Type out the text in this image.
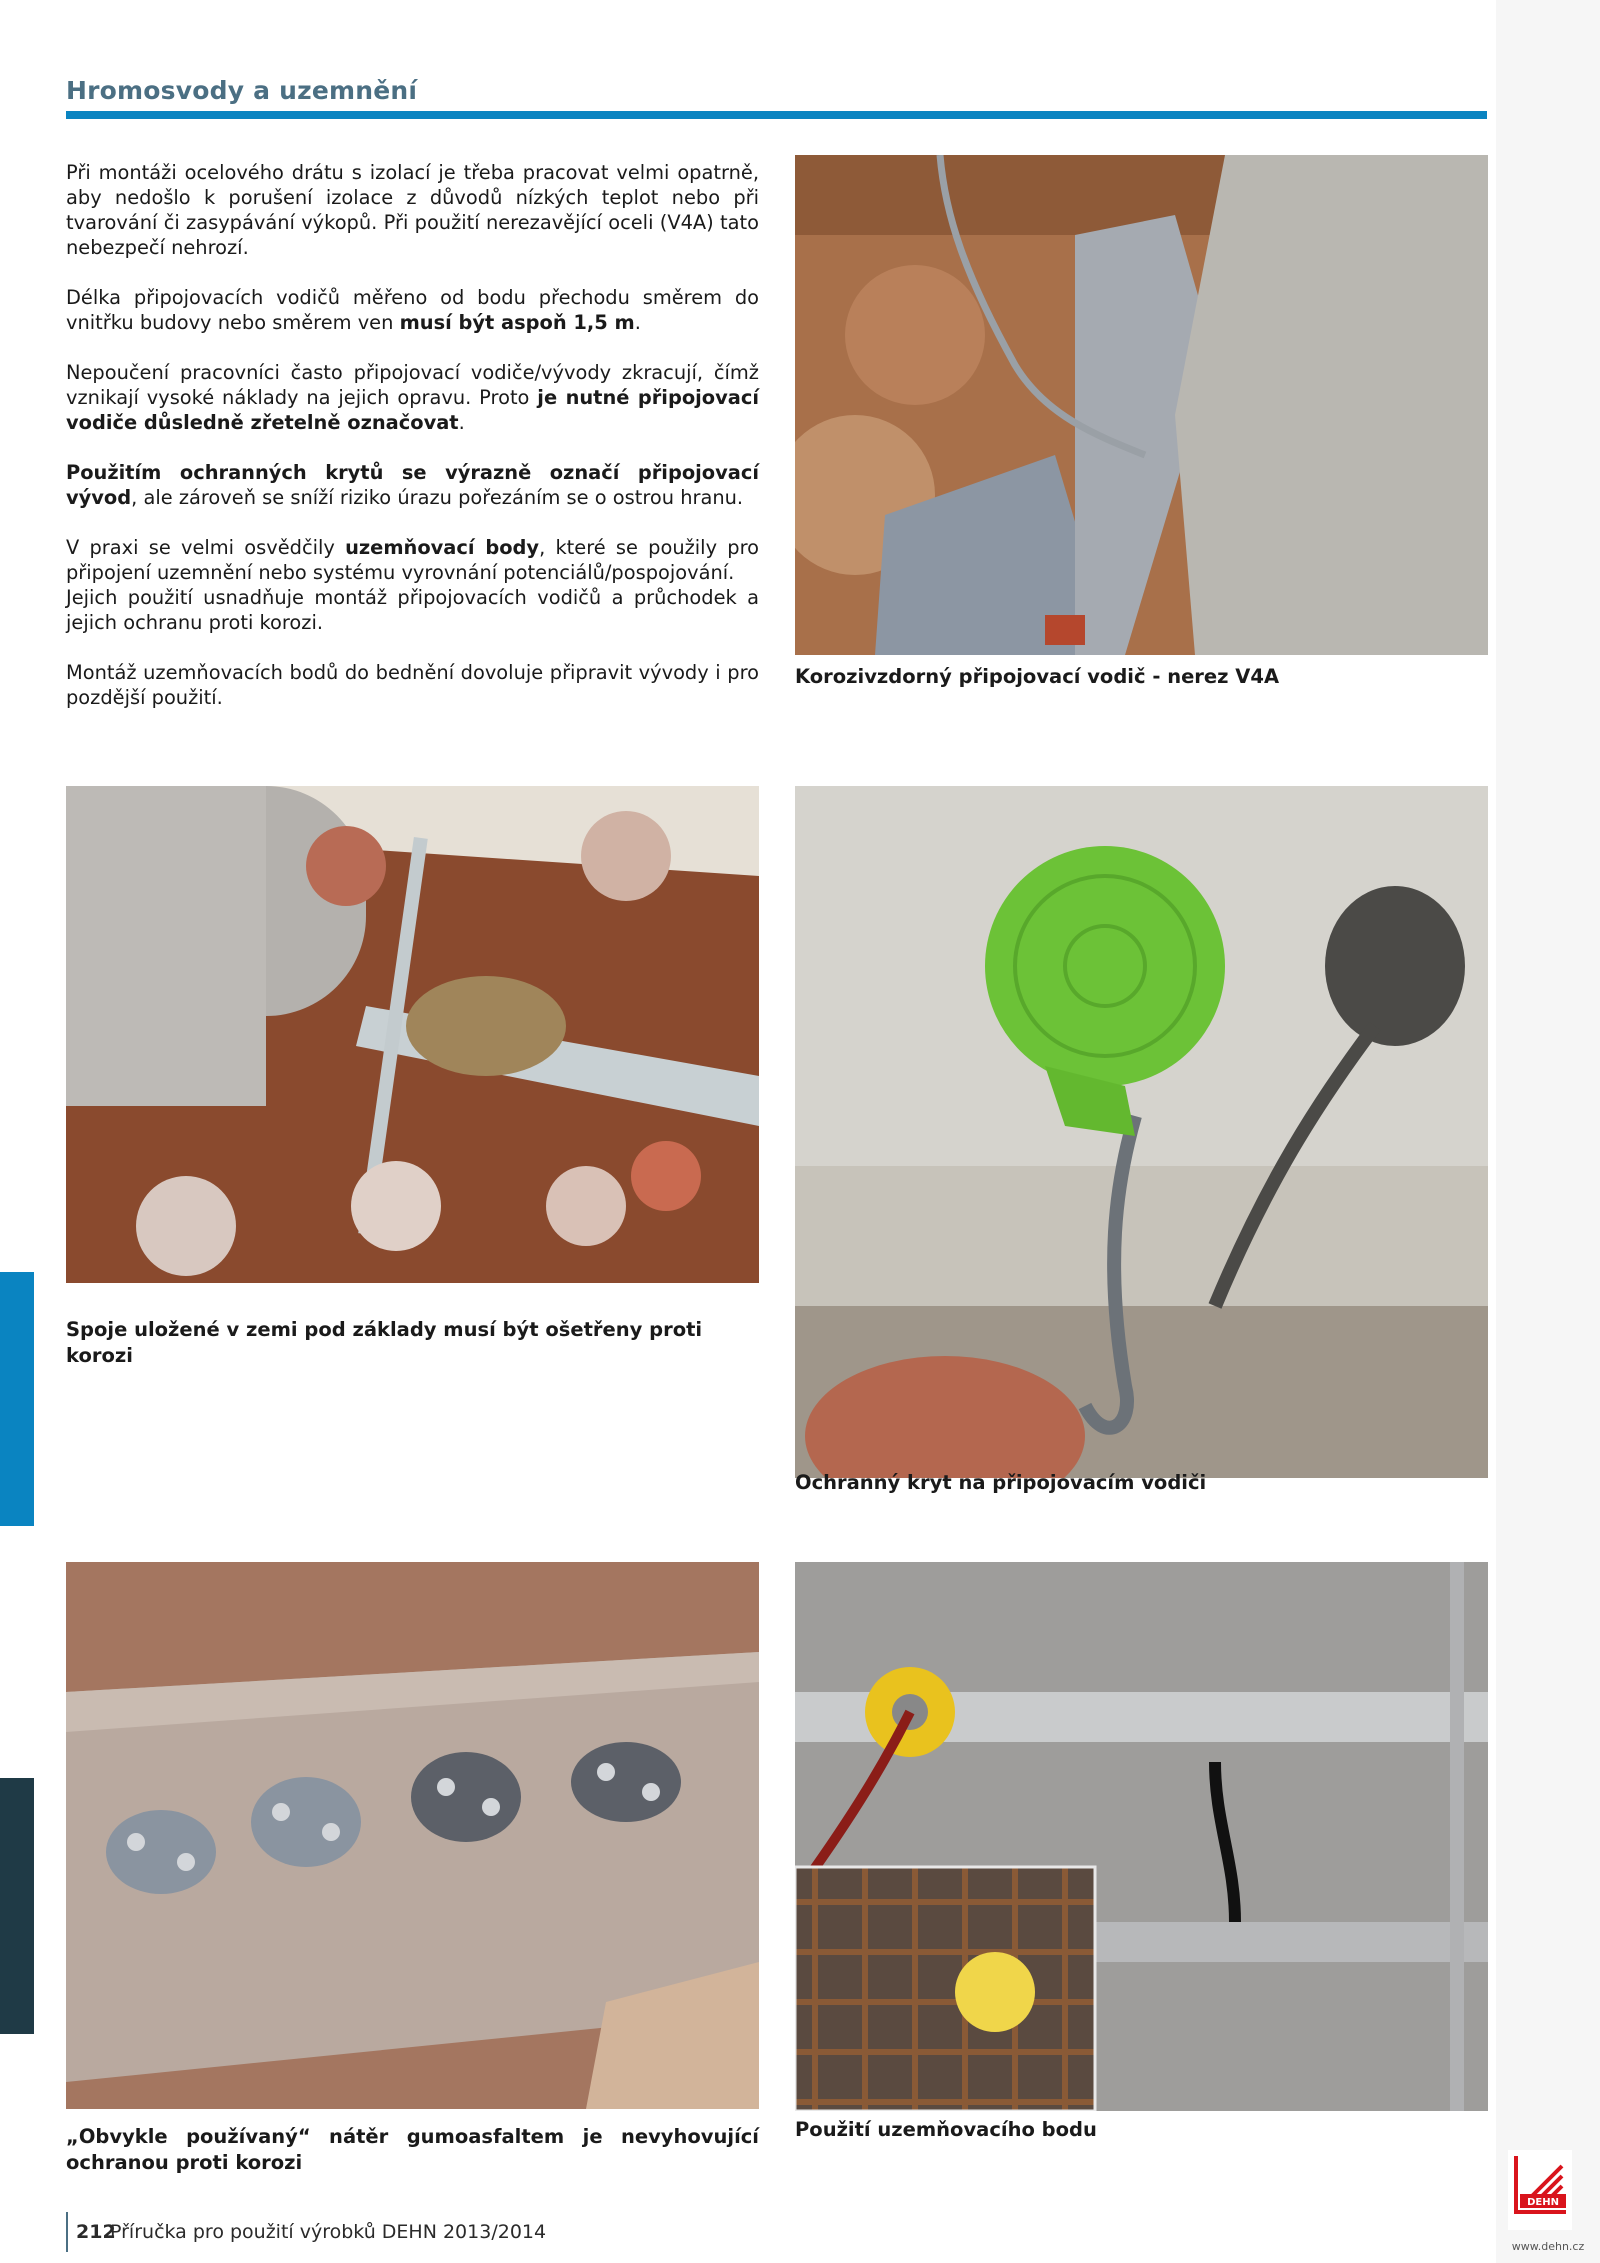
Hromosvody a uzemnění

Při montáži ocelového drátu s izolací je třeba pracovat velmi opatrně, aby nedošlo k porušení izolace z důvodů nízkých teplot nebo při tvarování či zasypávání výkopů. Při použití nerezavějící oceli (V4A) tato nebezpečí nehrozí.

Délka připojovacích vodičů měřeno od bodu přechodu směrem do vnitřku budovy nebo směrem ven musí být aspoň 1,5 m.

Nepoučení pracovníci často připojovací vodiče/vývody zkracují, čímž vznikají vysoké náklady na jejich opravu. Proto je nutné připojovací vodiče důsledně zřetelně označovat.

Použitím ochranných krytů se výrazně označí připojovací vývod, ale zároveň se sníží riziko úrazu pořezáním se o ostrou hranu.

V praxi se velmi osvědčily uzemňovací body, které se použily pro připojení uzemnění nebo systému vyrovnání potenciálů/pospojování.

Jejich použití usnadňuje montáž připojovacích vodičů a průchodek a jejich ochranu proti korozi.

Montáž uzemňovacích bodů do bednění dovoluje připravit vývody i pro pozdější použití.

Korozivzdorný připojovací vodič - nerez V4A
Spoje uložené v zemi pod základy musí být ošetřeny proti korozi
Ochranný kryt na připojovacím vodiči
„Obvykle používaný“ nátěr gumoasfaltem je nevyhovující ochranou proti korozi
Použití uzemňovacího bodu
212
Příručka pro použití výrobků DEHN 2013/2014
DEHN
www.dehn.cz
